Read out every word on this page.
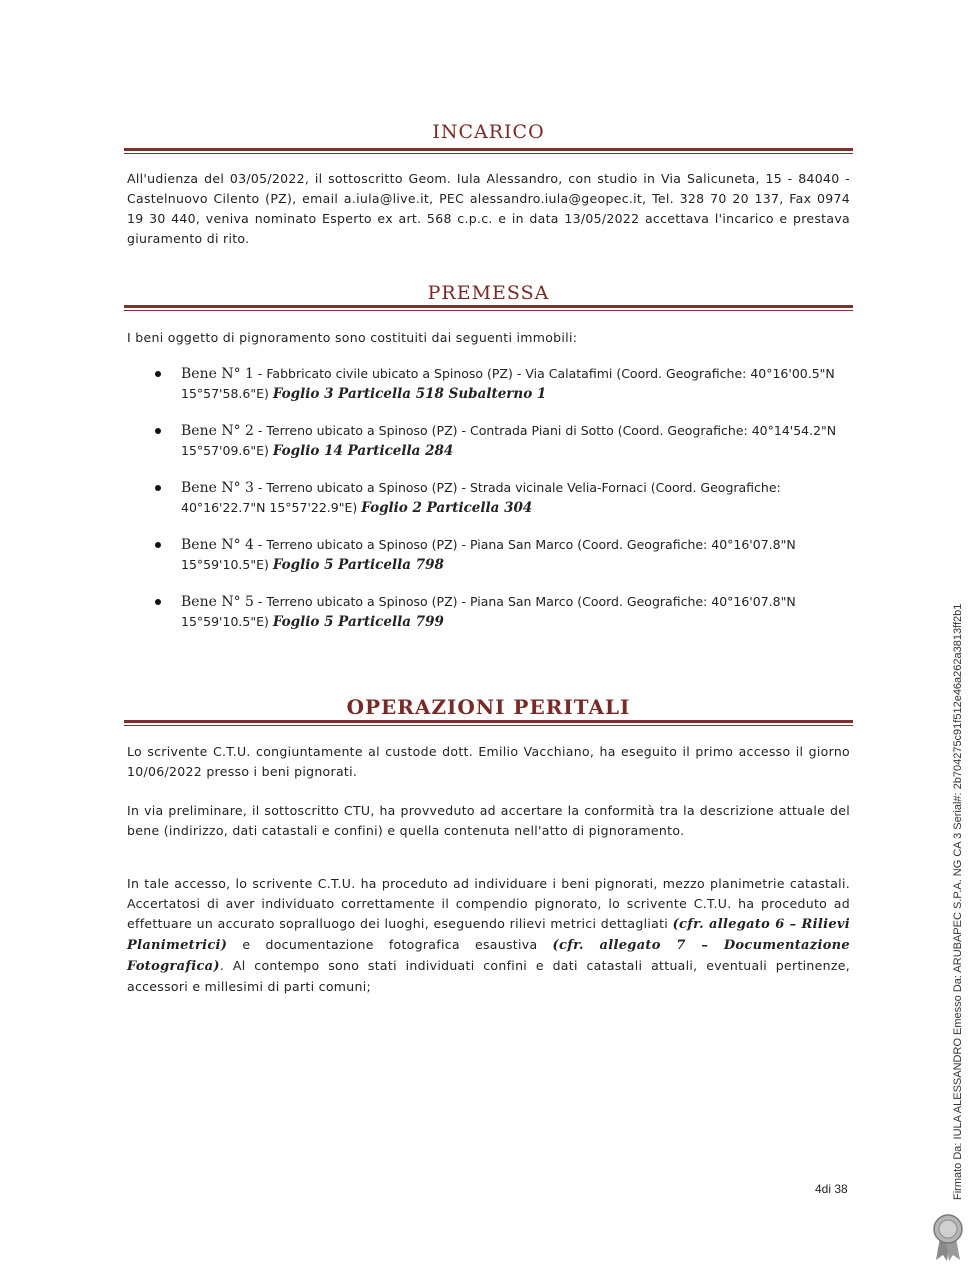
INCARICO
All'udienza del 03/05/2022, il sottoscritto Geom. Iula Alessandro, con studio in Via Salicuneta, 15 - 84040 - Castelnuovo Cilento (PZ), email a.iula@live.it, PEC alessandro.iula@geopec.it, Tel. 328 70 20 137, Fax 0974 19 30 440, veniva nominato Esperto ex art. 568 c.p.c. e in data 13/05/2022 accettava l'incarico e prestava giuramento di rito.
PREMESSA
I beni oggetto di pignoramento sono costituiti dai seguenti immobili:
Bene N° 1 - Fabbricato civile ubicato a Spinoso (PZ) - Via Calatafimi (Coord. Geografiche: 40°16'00.5"N 15°57'58.6"E) Foglio 3 Particella 518 Subalterno 1
Bene N° 2 - Terreno ubicato a Spinoso (PZ) - Contrada Piani di Sotto (Coord. Geografiche: 40°14'54.2"N 15°57'09.6"E) Foglio 14 Particella 284
Bene N° 3 - Terreno ubicato a Spinoso (PZ) - Strada vicinale Velia-Fornaci (Coord. Geografiche: 40°16'22.7"N 15°57'22.9"E) Foglio 2 Particella 304
Bene N° 4 - Terreno ubicato a Spinoso (PZ) - Piana San Marco (Coord. Geografiche: 40°16'07.8"N 15°59'10.5"E) Foglio 5 Particella 798
Bene N° 5 - Terreno ubicato a Spinoso (PZ) - Piana San Marco (Coord. Geografiche: 40°16'07.8"N 15°59'10.5"E) Foglio 5 Particella 799
OPERAZIONI PERITALI
Lo scrivente C.T.U. congiuntamente al custode dott. Emilio Vacchiano, ha eseguito il primo accesso il giorno 10/06/2022 presso i beni pignorati.
In via preliminare, il sottoscritto CTU, ha provveduto ad accertare la conformità tra la descrizione attuale del bene (indirizzo, dati catastali e confini) e quella contenuta nell'atto di pignoramento.
In tale accesso, lo scrivente C.T.U. ha proceduto ad individuare i beni pignorati, mezzo planimetrie catastali. Accertatosi di aver individuato correttamente il compendio pignorato, lo scrivente C.T.U. ha proceduto ad effettuare un accurato sopralluogo dei luoghi, eseguendo rilievi metrici dettagliati (cfr. allegato 6 – Rilievi Planimetrici) e documentazione fotografica esaustiva (cfr. allegato 7 – Documentazione Fotografica). Al contempo sono stati individuati confini e dati catastali attuali, eventuali pertinenze, accessori e millesimi di parti comuni;
4di 38	Firmato Da: IULA ALESSANDRO Emesso Da: ARUBAPEC S.P.A. NG CA 3 Serial#: 2b704275c91f512e46a262a3813ff2b1
